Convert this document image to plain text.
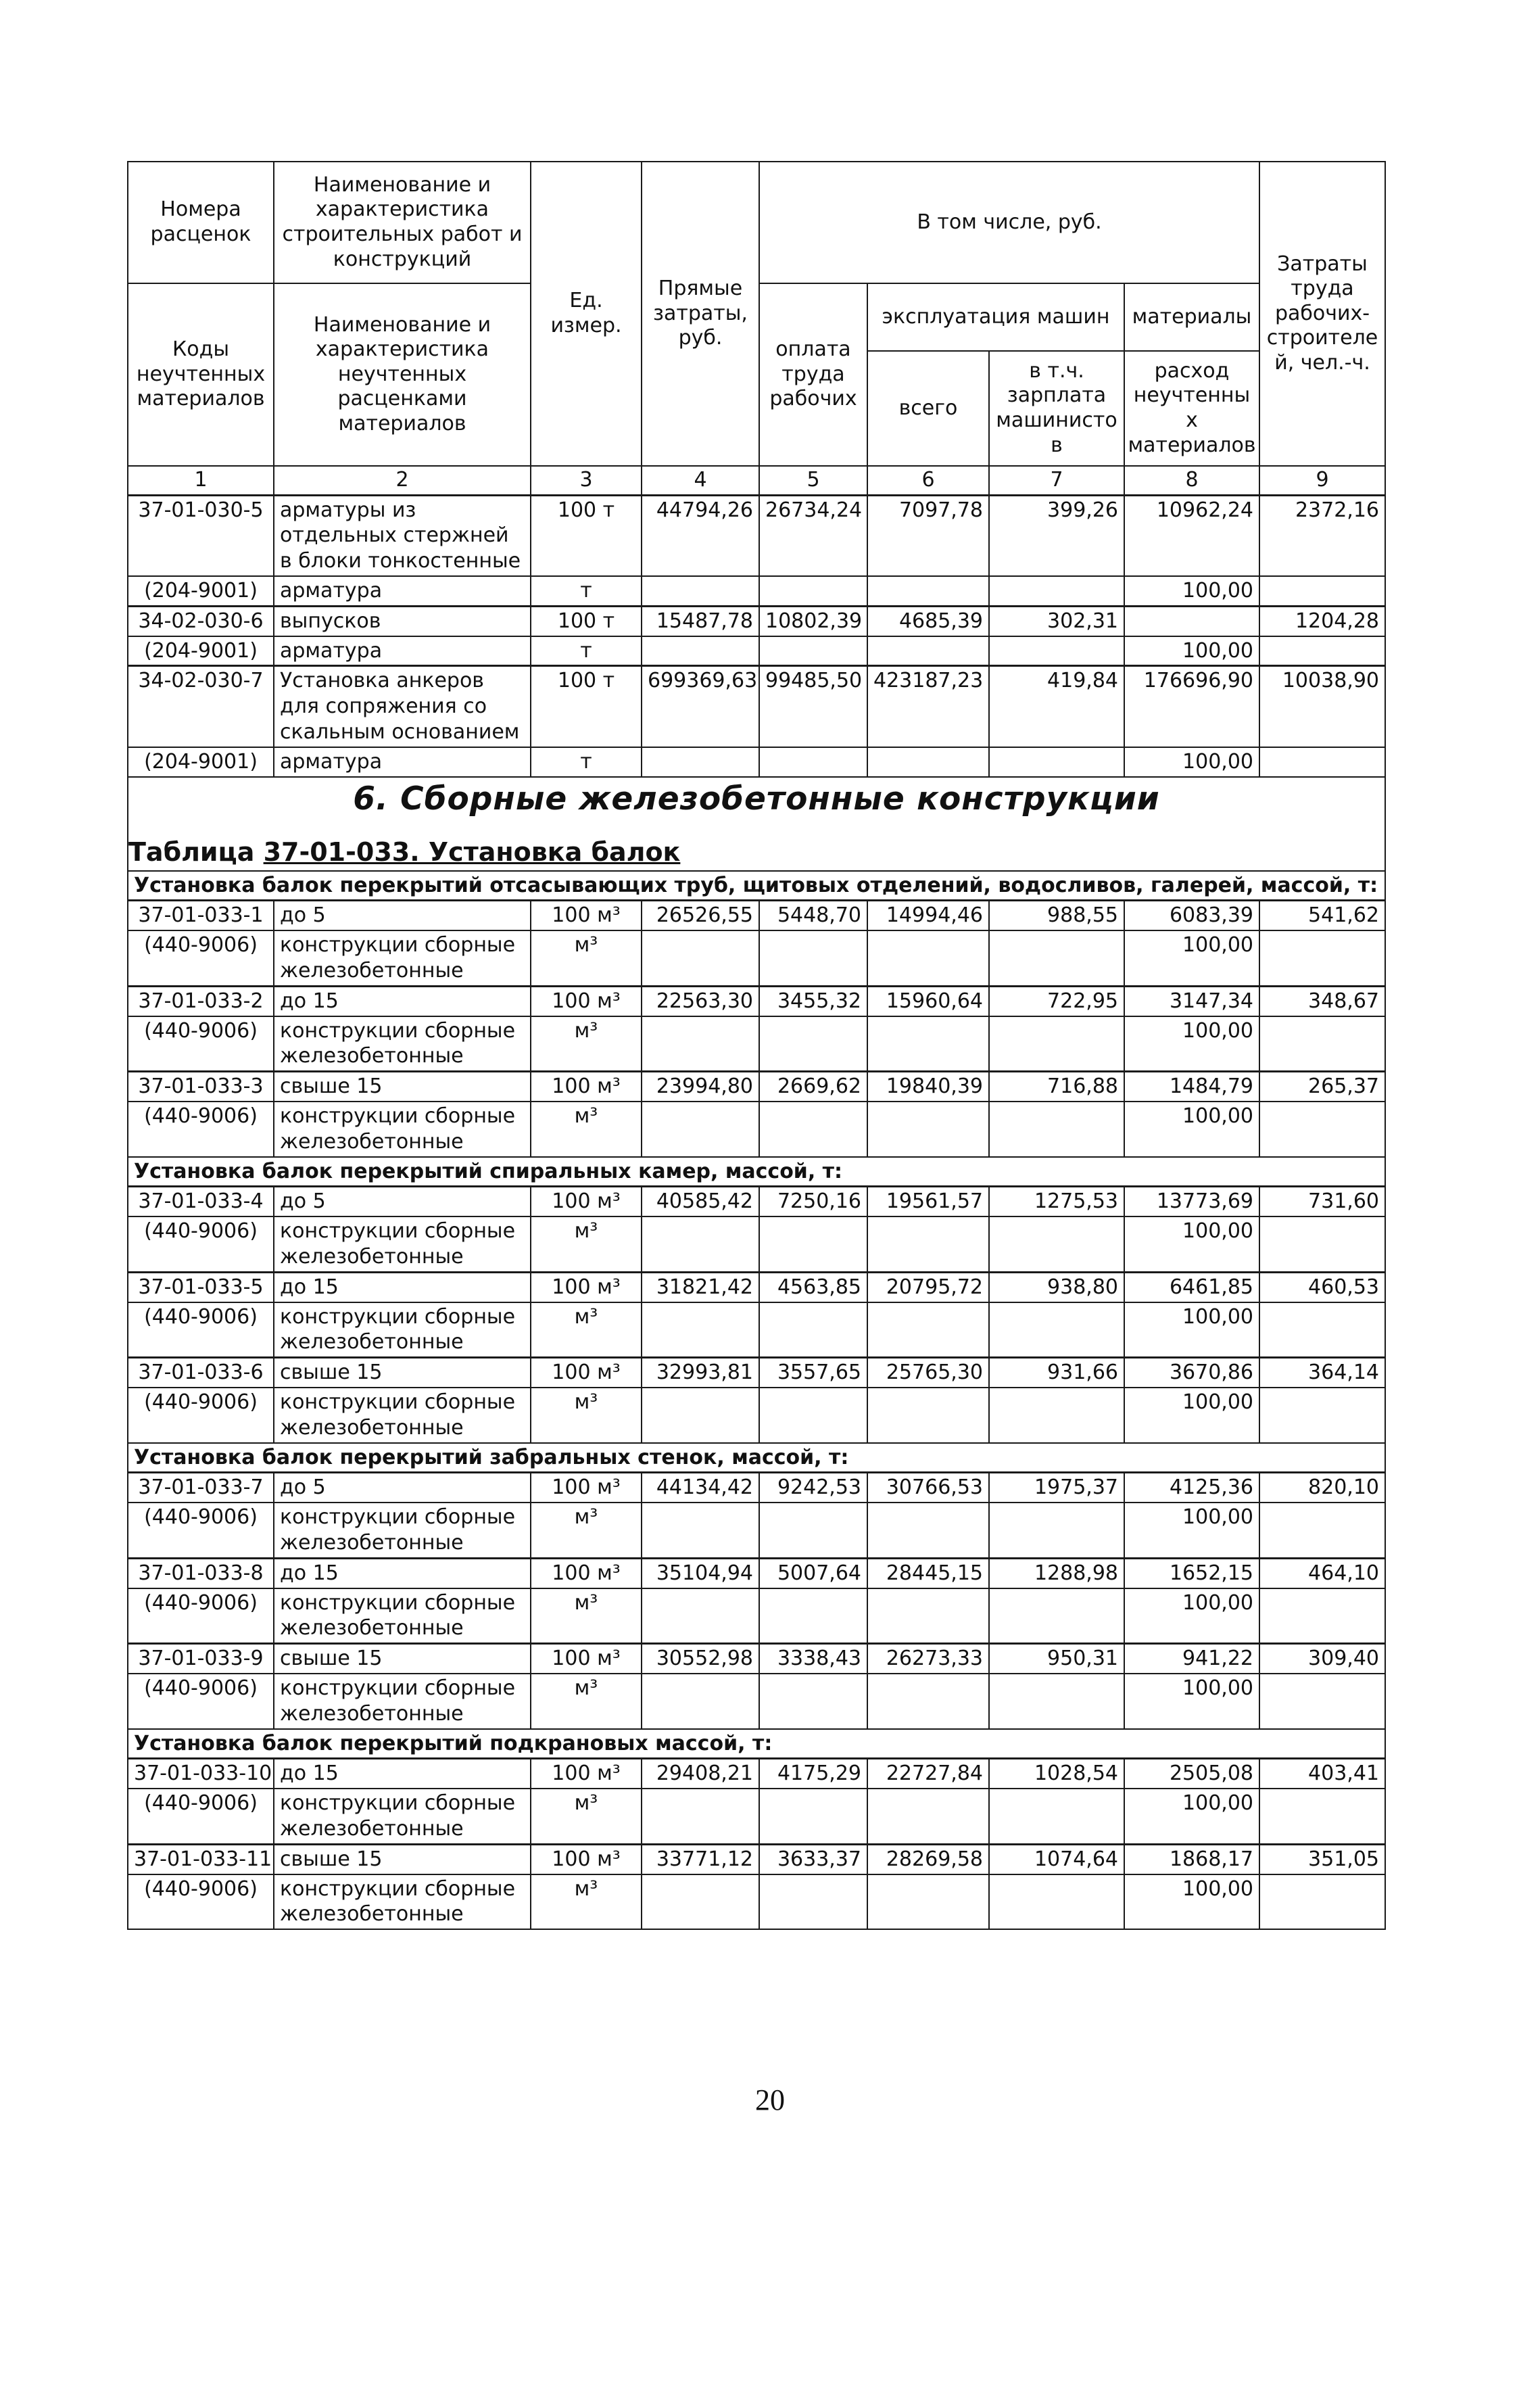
Номера расценок	Наименование и характеристика строительных работ и конструкций	Ед. измер.	Прямые затраты, руб.	В том числе, руб.				Затраты труда рабочих-строителей, чел.-ч.
Коды неучтенных материалов	Наименование и характеристика неучтенных расценками материалов			оплата труда рабочих	эксплуатация машин		материалы	
					всего	в т.ч. зарплата машинистов	расход неучтенных материалов	
1	2	3	4	5	6	7	8	9
37-01-030-5	арматуры из отдельных стержней в блоки тонкостенные	100 т	44794,26	26734,24	7097,78	399,26	10962,24	2372,16
(204-9001)	арматура	т					100,00	
34-02-030-6	выпусков	100 т	15487,78	10802,39	4685,39	302,31		1204,28
(204-9001)	арматура	т					100,00	
34-02-030-7	Установка анкеров для сопряжения со скальным основанием	100 т	699369,63	99485,50	423187,23	419,84	176696,90	10038,90
(204-9001)	арматура	т					100,00	

6. Сборные железобетонные конструкции
Таблица 37-01-033. Установка балок								

Установка балок перекрытий отсасывающих труб, щитовых отделений, водосливов, галерей, массой, т:								
37-01-033-1	до 5	100 м³	26526,55	5448,70	14994,46	988,55	6083,39	541,62
(440-9006)	конструкции сборные железобетонные	м³					100,00	
37-01-033-2	до 15	100 м³	22563,30	3455,32	15960,64	722,95	3147,34	348,67
(440-9006)	конструкции сборные железобетонные	м³					100,00	
37-01-033-3	свыше 15	100 м³	23994,80	2669,62	19840,39	716,88	1484,79	265,37
(440-9006)	конструкции сборные железобетонные	м³					100,00	
Установка балок перекрытий спиральных камер, массой, т:								
37-01-033-4	до 5	100 м³	40585,42	7250,16	19561,57	1275,53	13773,69	731,60
(440-9006)	конструкции сборные железобетонные	м³					100,00	
37-01-033-5	до 15	100 м³	31821,42	4563,85	20795,72	938,80	6461,85	460,53
(440-9006)	конструкции сборные железобетонные	м³					100,00	
37-01-033-6	свыше 15	100 м³	32993,81	3557,65	25765,30	931,66	3670,86	364,14
(440-9006)	конструкции сборные железобетонные	м³					100,00	
Установка балок перекрытий забральных стенок, массой, т:								
37-01-033-7	до 5	100 м³	44134,42	9242,53	30766,53	1975,37	4125,36	820,10
(440-9006)	конструкции сборные железобетонные	м³					100,00	
37-01-033-8	до 15	100 м³	35104,94	5007,64	28445,15	1288,98	1652,15	464,10
(440-9006)	конструкции сборные железобетонные	м³					100,00	
37-01-033-9	свыше 15	100 м³	30552,98	3338,43	26273,33	950,31	941,22	309,40
(440-9006)	конструкции сборные железобетонные	м³					100,00	
Установка балок перекрытий подкрановых массой, т:								
37-01-033-10	до 15	100 м³	29408,21	4175,29	22727,84	1028,54	2505,08	403,41
(440-9006)	конструкции сборные железобетонные	м³					100,00	
37-01-033-11	свыше 15	100 м³	33771,12	3633,37	28269,58	1074,64	1868,17	351,05
(440-9006)	конструкции сборные железобетонные	м³					100,00	
20
